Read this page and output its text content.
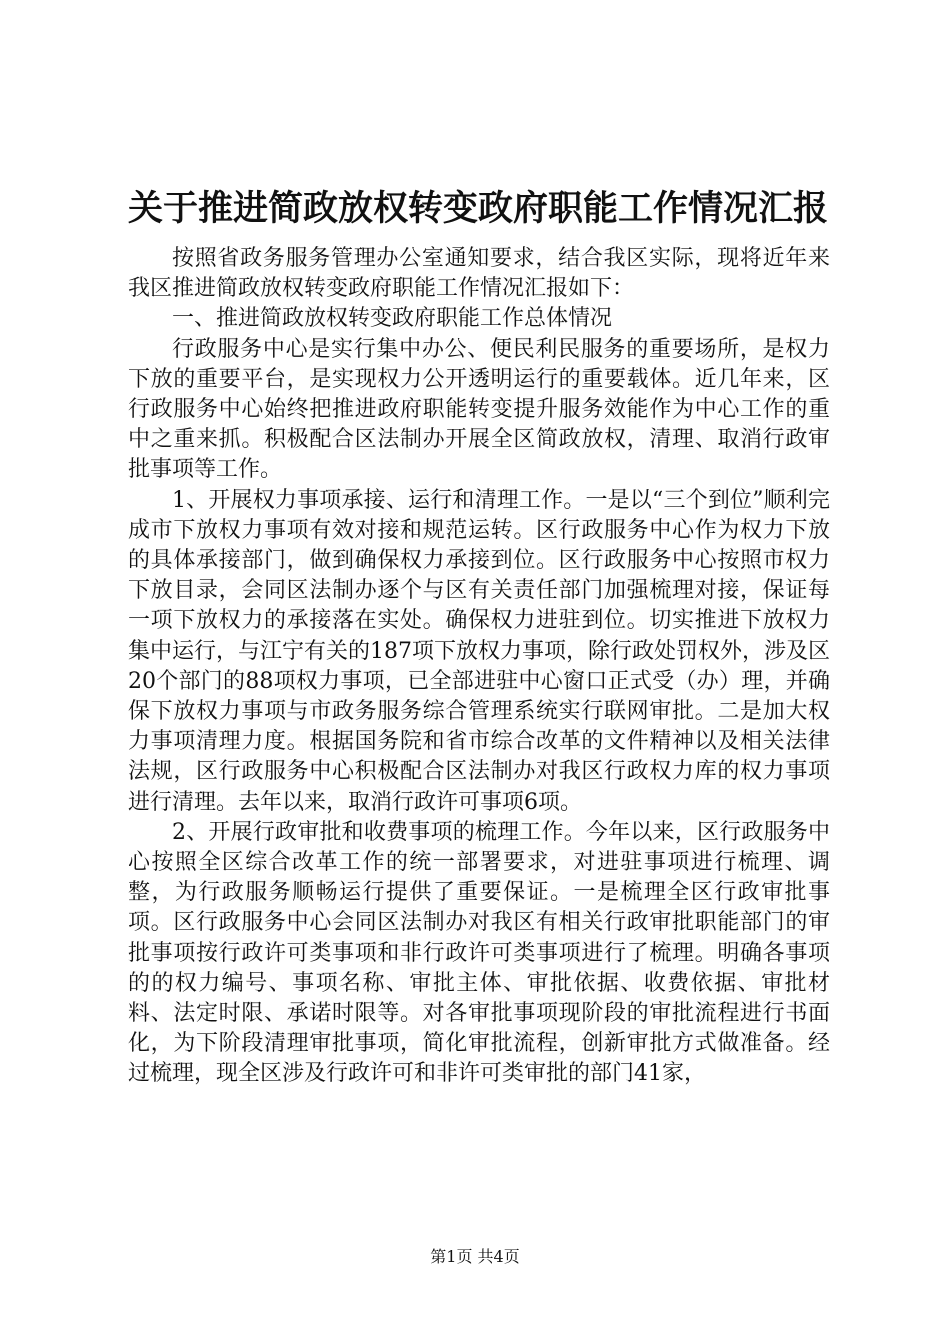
关于推进简政放权转变政府职能工作情况汇报

按照省政务服务管理办公室通知要求，结合我区实际，现将近年来我区推进简政放权转变政府职能工作情况汇报如下：

一、推进简政放权转变政府职能工作总体情况

行政服务中心是实行集中办公、便民利民服务的重要场所，是权力下放的重要平台，是实现权力公开透明运行的重要载体。近几年来，区行政服务中心始终把推进政府职能转变提升服务效能作为中心工作的重中之重来抓。积极配合区法制办开展全区简政放权，清理、取消行政审批事项等工作。

1、开展权力事项承接、运行和清理工作。一是以“三个到位”顺利完成市下放权力事项有效对接和规范运转。区行政服务中心作为权力下放的具体承接部门，做到确保权力承接到位。区行政服务中心按照市权力下放目录，会同区法制办逐个与区有关责任部门加强梳理对接，保证每一项下放权力的承接落在实处。确保权力进驻到位。切实推进下放权力集中运行，与江宁有关的187项下放权力事项，除行政处罚权外，涉及区20个部门的88项权力事项，已全部进驻中心窗口正式受（办）理，并确保下放权力事项与市政务服务综合管理系统实行联网审批。二是加大权力事项清理力度。根据国务院和省市综合改革的文件精神以及相关法律法规，区行政服务中心积极配合区法制办对我区行政权力库的权力事项进行清理。去年以来，取消行政许可事项6项。

2、开展行政审批和收费事项的梳理工作。今年以来，区行政服务中心按照全区综合改革工作的统一部署要求，对进驻事项进行梳理、调整，为行政服务顺畅运行提供了重要保证。一是梳理全区行政审批事项。区行政服务中心会同区法制办对我区有相关行政审批职能部门的审批事项按行政许可类事项和非行政许可类事项进行了梳理。明确各事项的的权力编号、事项名称、审批主体、审批依据、收费依据、审批材料、法定时限、承诺时限等。对各审批事项现阶段的审批流程进行书面化，为下阶段清理审批事项，简化审批流程，创新审批方式做准备。经过梳理，现全区涉及行政许可和非许可类审批的部门41家，

第1页 共4页
